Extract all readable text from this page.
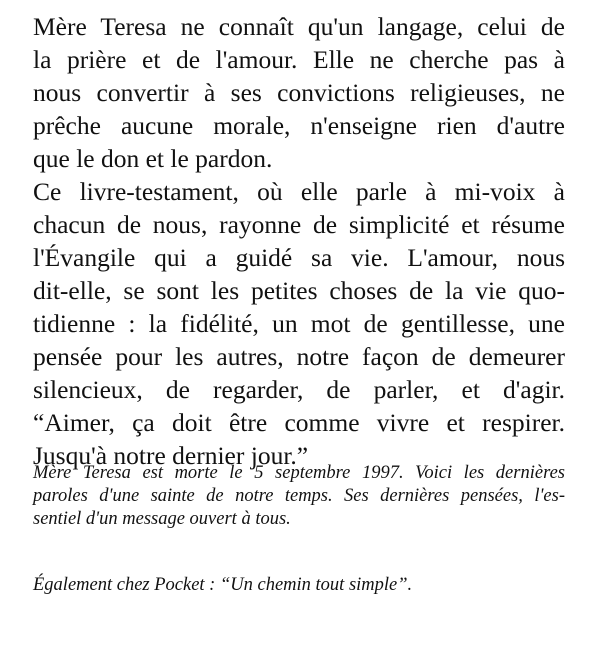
Mère Teresa ne connaît qu'un langage, celui de
la prière et de l'amour. Elle ne cherche pas à
nous convertir à ses convictions religieuses, ne
prêche aucune morale, n'enseigne rien d'autre
que le don et le pardon.
Ce livre-testament, où elle parle à mi-voix à
chacun de nous, rayonne de simplicité et résume
l'Évangile qui a guidé sa vie. L'amour, nous
dit-elle, se sont les petites choses de la vie quo-
tidienne : la fidélité, un mot de gentillesse, une
pensée pour les autres, notre façon de demeurer
silencieux, de regarder, de parler, et d'agir.
“Aimer, ça doit être comme vivre et respirer.
Jusqu'à notre dernier jour.”
Mère Teresa est morte le 5 septembre 1997. Voici les dernières
paroles d'une sainte de notre temps. Ses dernières pensées, l'es-
sentiel d'un message ouvert à tous.
Également chez Pocket : “Un chemin tout simple”.
